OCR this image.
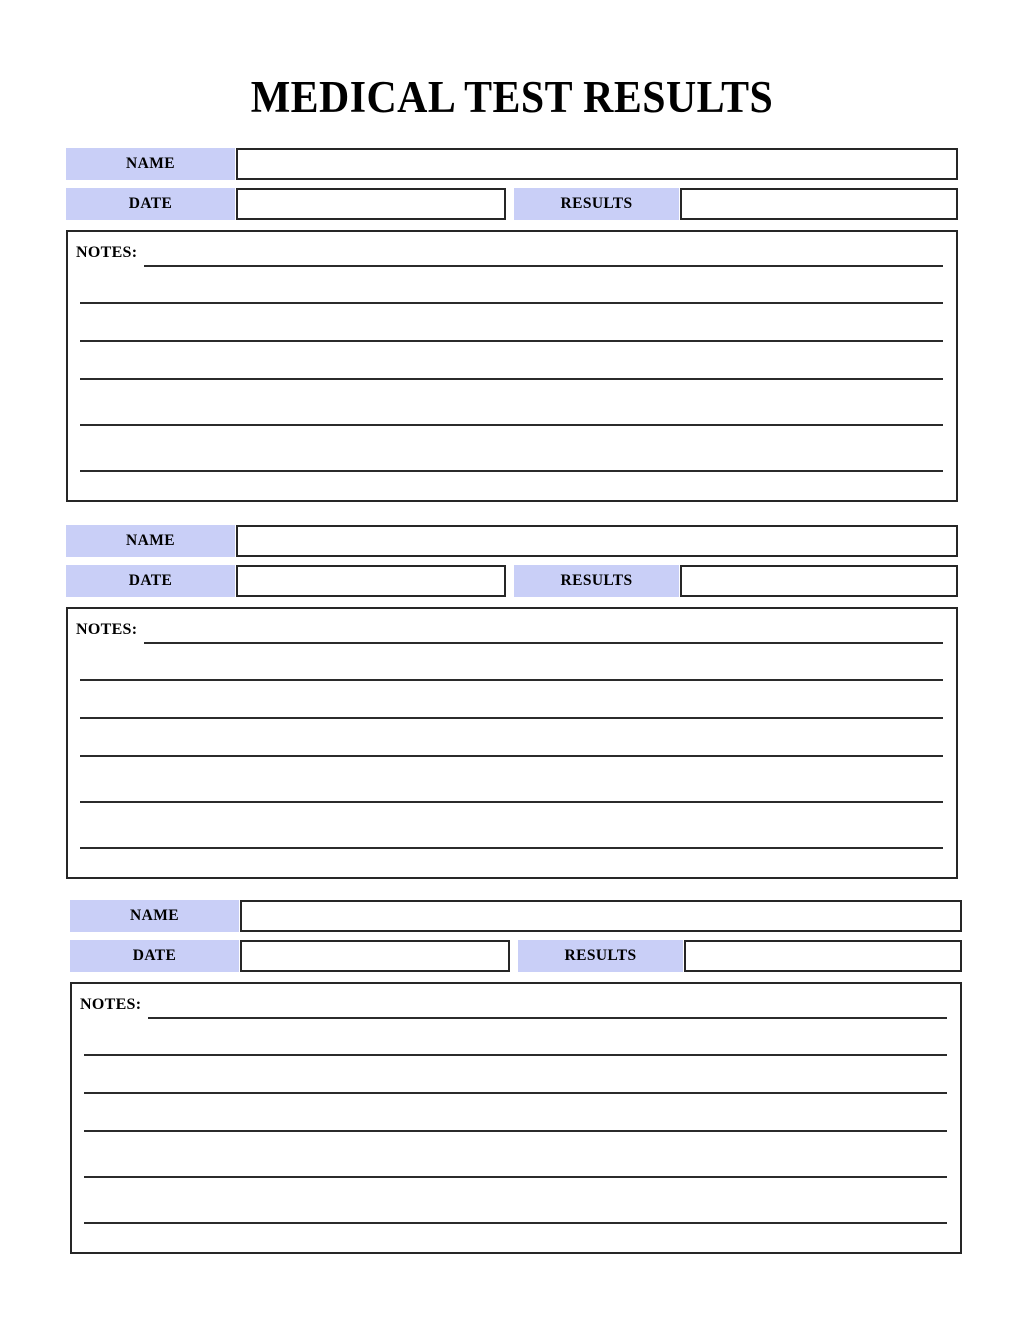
MEDICAL TEST RESULTS
NAME
DATE	RESULTS
NOTES:
NAME
DATE	RESULTS
NOTES:
NAME
DATE	RESULTS
NOTES:
